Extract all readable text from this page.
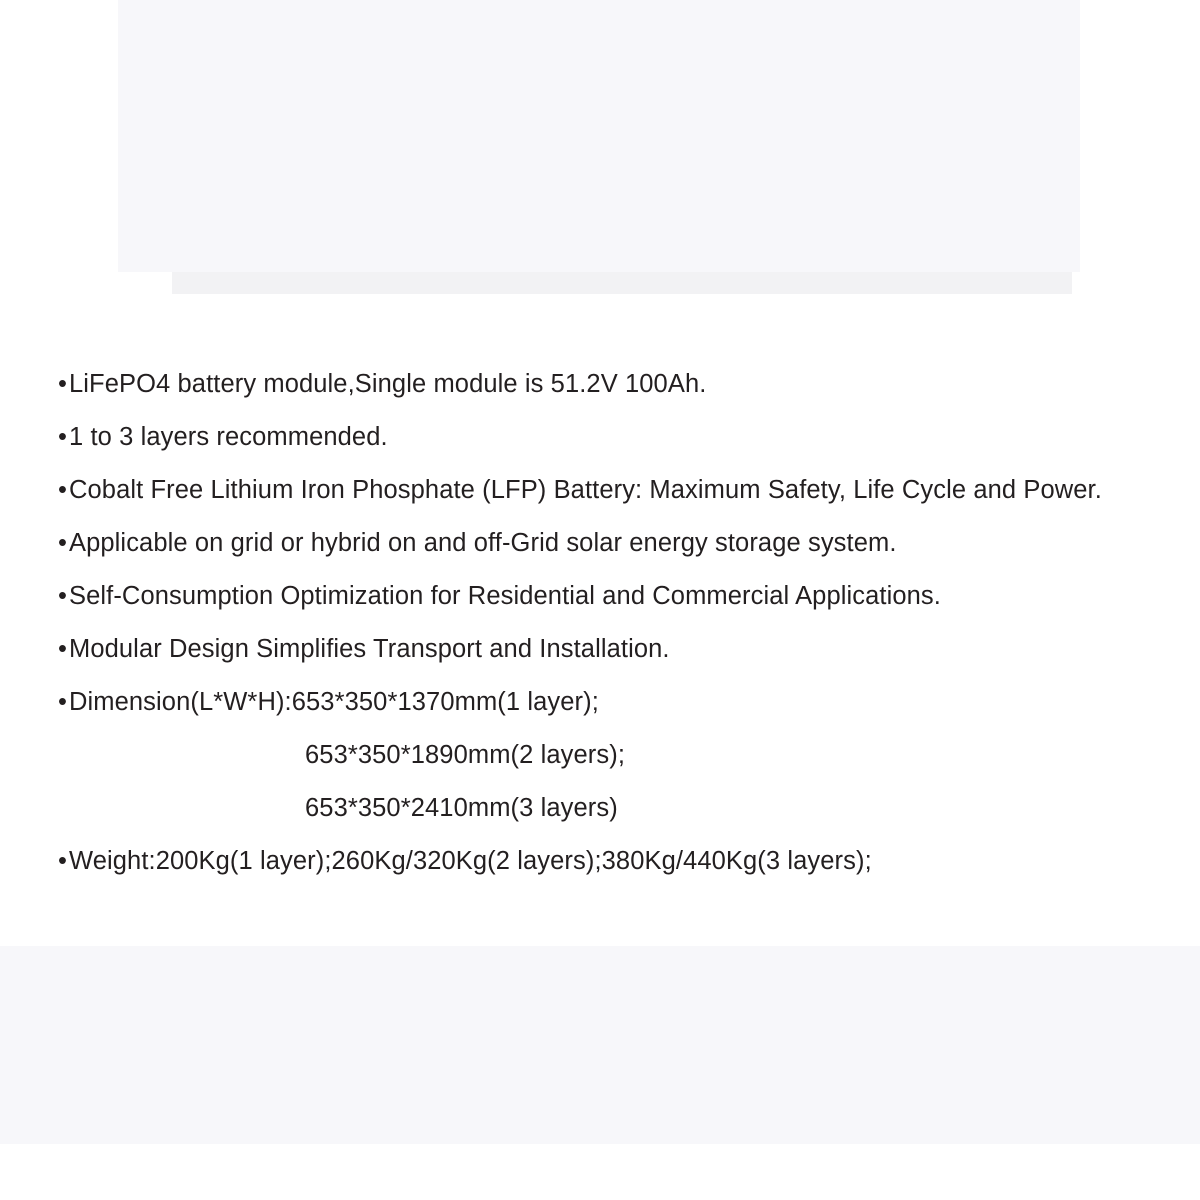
• LiFePO4 battery module,Single module is 51.2V 100Ah.
• 1 to 3 layers recommended.
• Cobalt Free Lithium Iron Phosphate (LFP) Battery: Maximum Safety, Life Cycle and Power.
• Applicable on grid or hybrid on and off-Grid solar energy storage system.
• Self-Consumption Optimization for Residential and Commercial Applications.
• Modular Design Simplifies Transport and Installation.
• Dimension(L*W*H):653*350*1370mm(1 layer);
653*350*1890mm(2 layers);
653*350*2410mm(3 layers)
• Weight:200Kg(1 layer);260Kg/320Kg(2 layers);380Kg/440Kg(3 layers);
